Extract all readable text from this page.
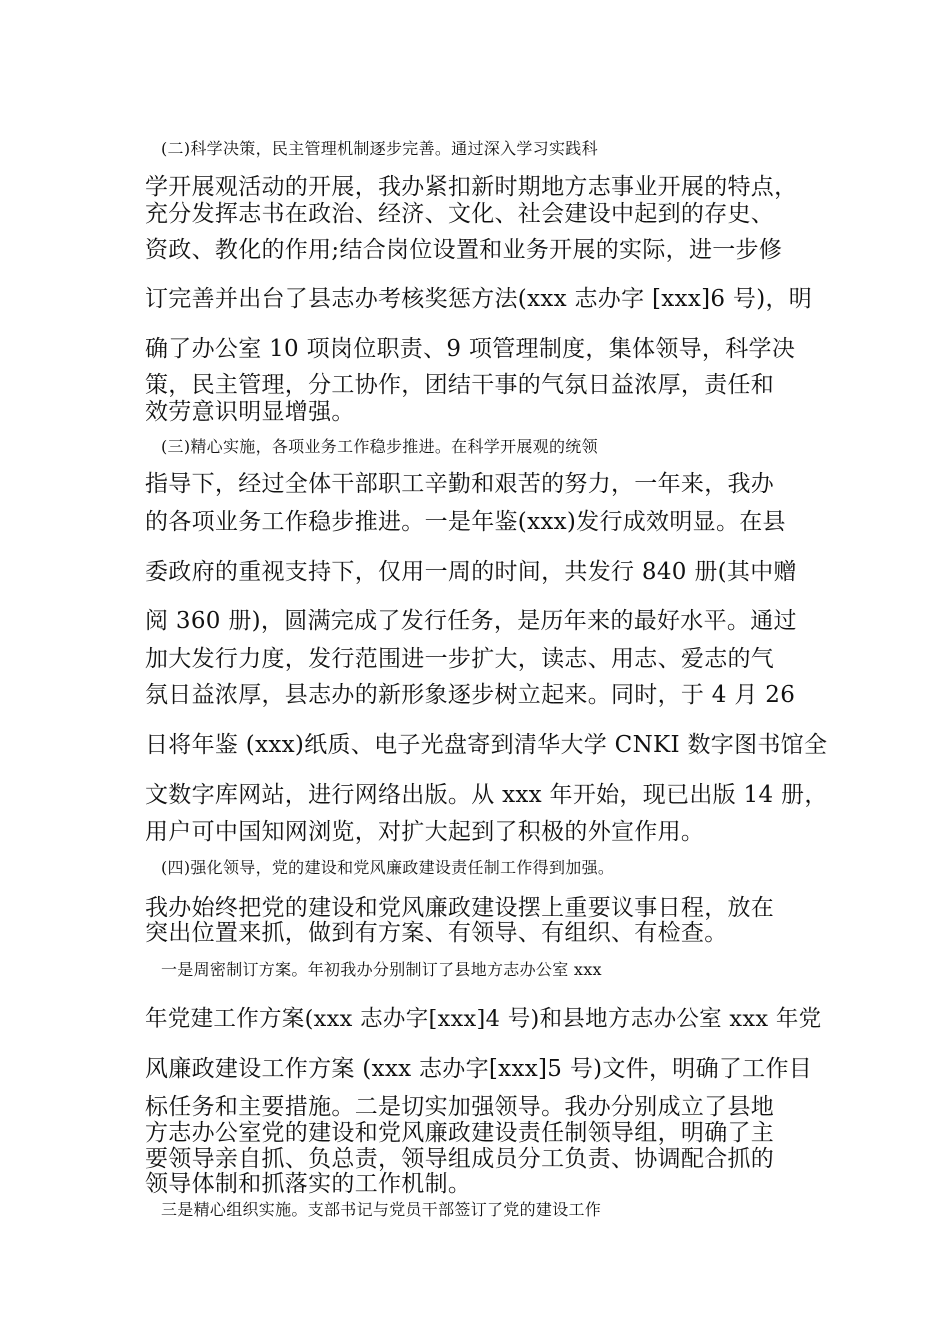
(二)科学决策，民主管理机制逐步完善。通过深入学习实践科
学开展观活动的开展，我办紧扣新时期地方志事业开展的特点，
充分发挥志书在政治、经济、文化、社会建设中起到的存史、
资政、教化的作用;结合岗位设置和业务开展的实际，进一步修
订完善并出台了县志办考核奖惩方法(xxx 志办字 [xxx]6 号)，明
确了办公室 10 项岗位职责、9 项管理制度，集体领导，科学决
策，民主管理，分工协作，团结干事的气氛日益浓厚，责任和
效劳意识明显增强。
(三)精心实施，各项业务工作稳步推进。在科学开展观的统领
指导下，经过全体干部职工辛勤和艰苦的努力，一年来，我办
的各项业务工作稳步推进。一是年鉴(xxx)发行成效明显。在县
委政府的重视支持下，仅用一周的时间，共发行 840 册(其中赠
阅 360 册)，圆满完成了发行任务，是历年来的最好水平。通过
加大发行力度，发行范围进一步扩大，读志、用志、爱志的气
氛日益浓厚，县志办的新形象逐步树立起来。同时，于 4 月 26
日将年鉴 (xxx)纸质、电子光盘寄到清华大学 CNKI 数字图书馆全
文数字库网站，进行网络出版。从 xxx 年开始，现已出版 14 册，
用户可中国知网浏览，对扩大起到了积极的外宣作用。
(四)强化领导，党的建设和党风廉政建设责任制工作得到加强。
我办始终把党的建设和党风廉政建设摆上重要议事日程，放在
突出位置来抓，做到有方案、有领导、有组织、有检查。
一是周密制订方案。年初我办分别制订了县地方志办公室 xxx
年党建工作方案(xxx 志办字[xxx]4 号)和县地方志办公室 xxx 年党
风廉政建设工作方案 (xxx 志办字[xxx]5 号)文件，明确了工作目
标任务和主要措施。二是切实加强领导。我办分别成立了县地
方志办公室党的建设和党风廉政建设责任制领导组，明确了主
要领导亲自抓、负总责，领导组成员分工负责、协调配合抓的
领导体制和抓落实的工作机制。
三是精心组织实施。支部书记与党员干部签订了党的建设工作
